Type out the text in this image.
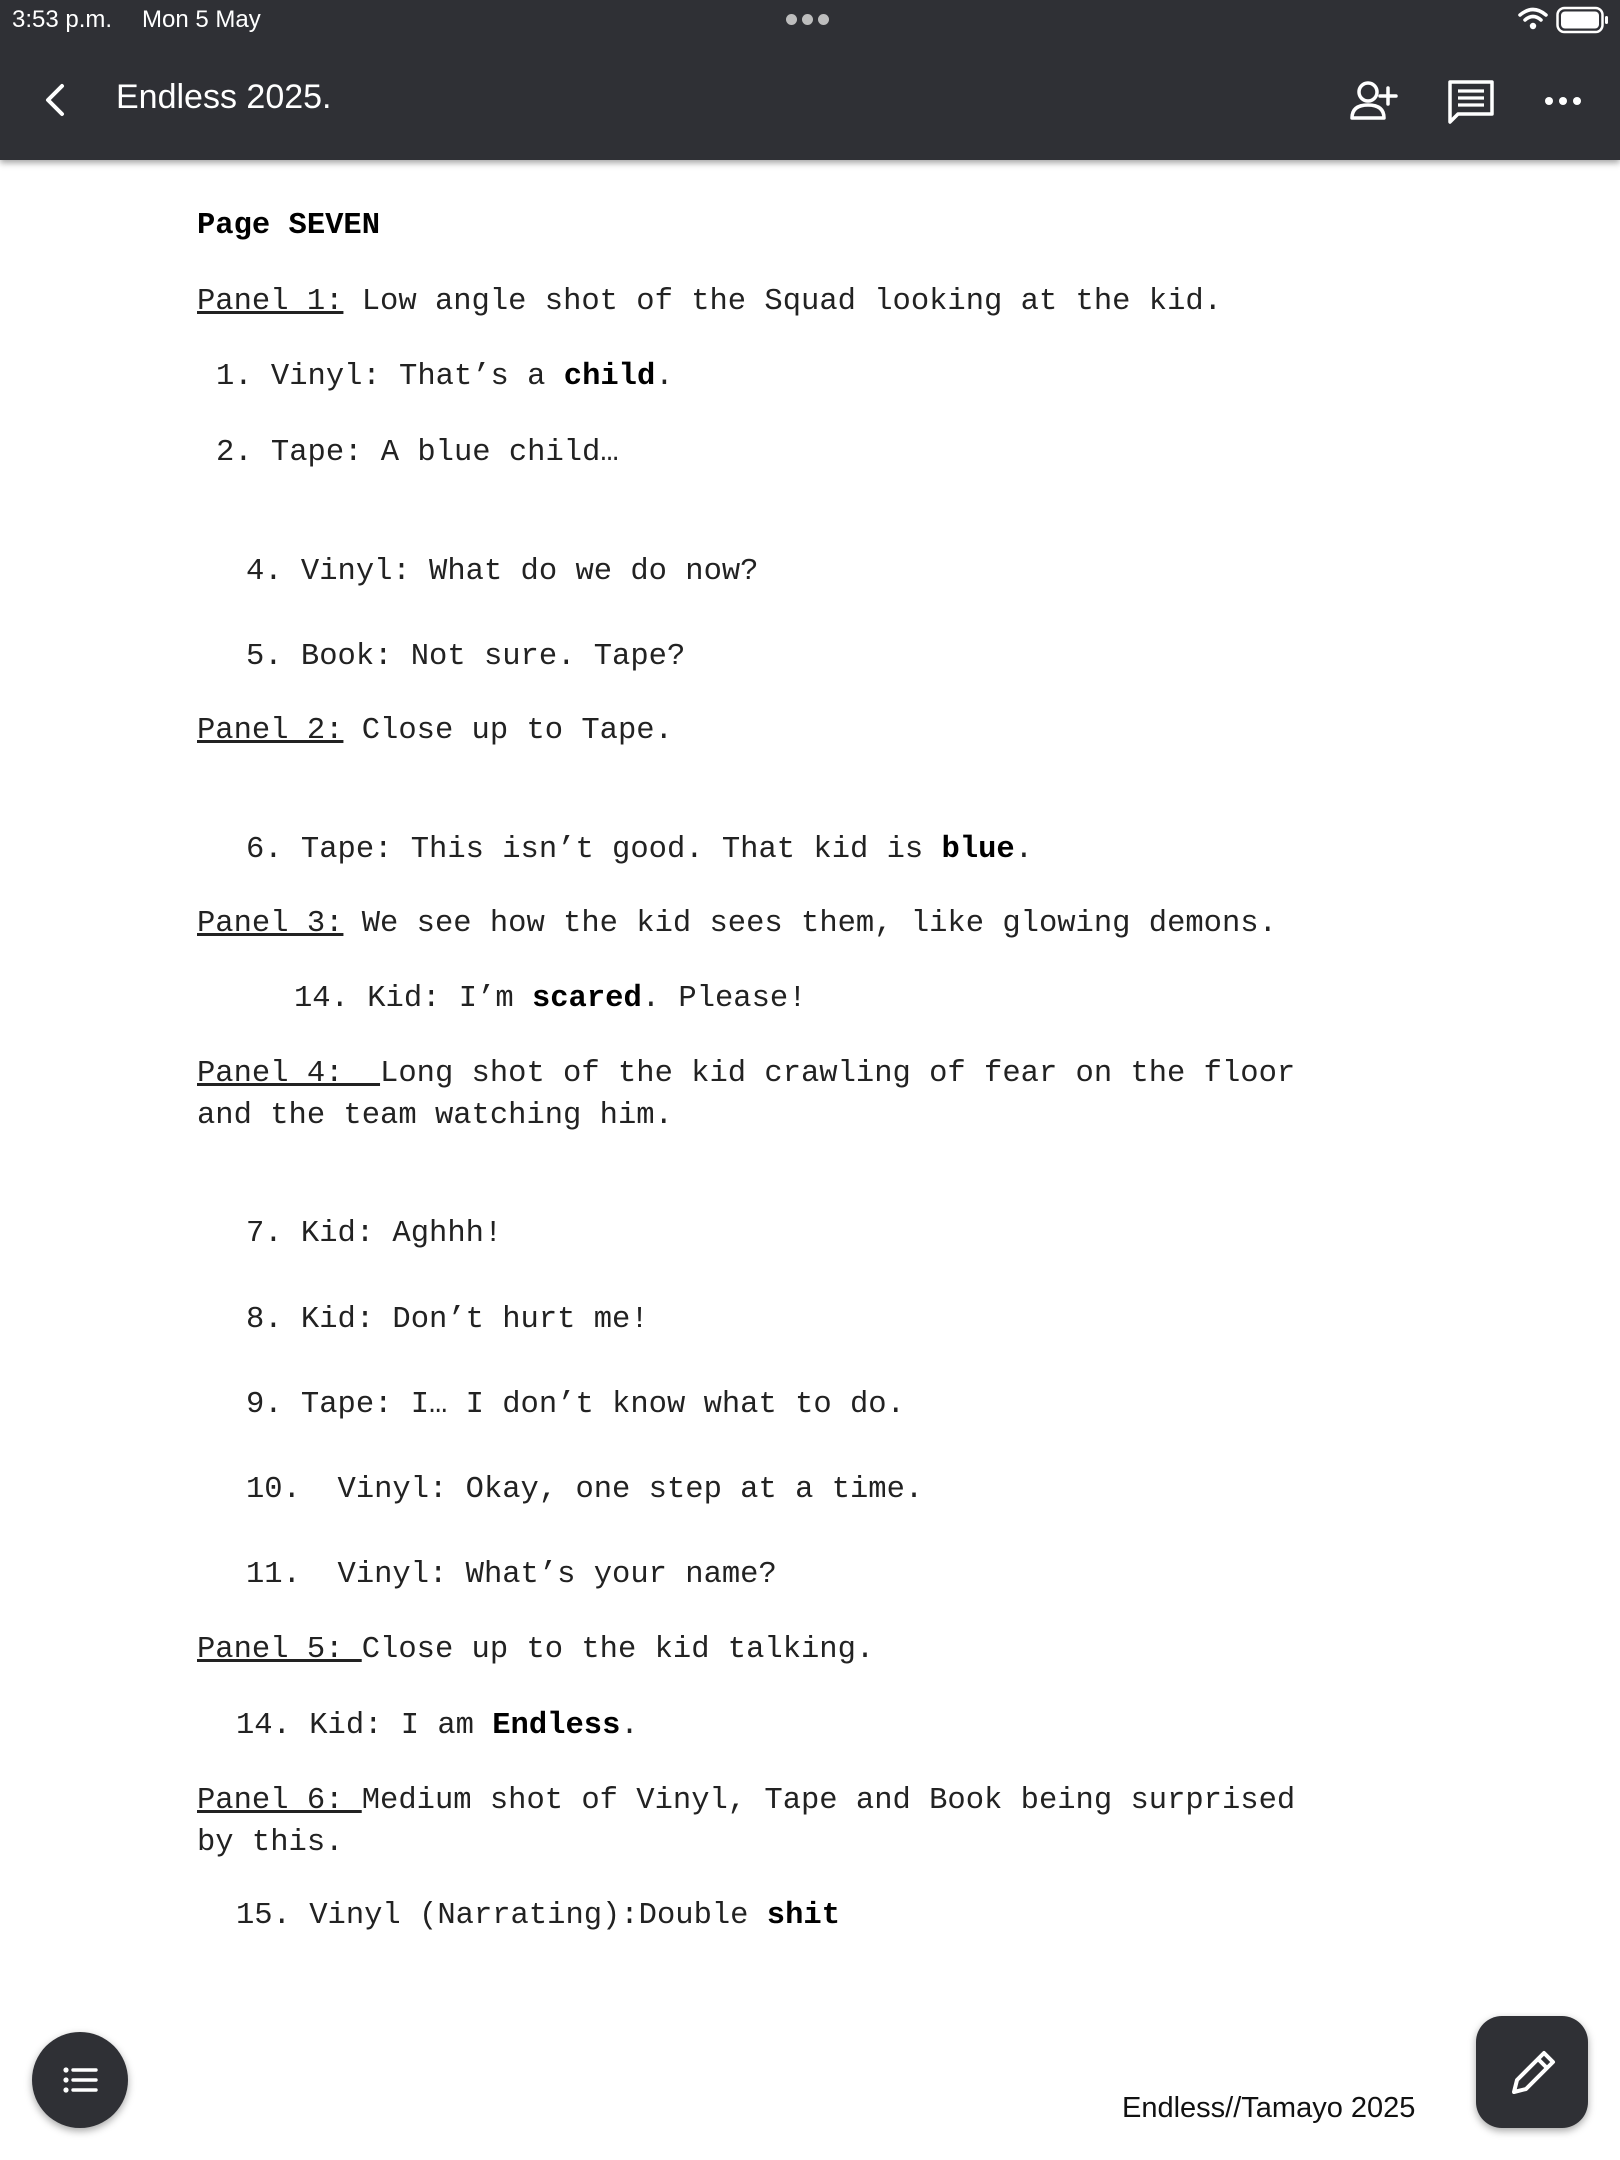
3:53 p.m. Mon 5 May
Endless 2025.
Page SEVEN
Panel 1: Low angle shot of the Squad looking at the kid.
1. Vinyl: That’s a child.
2. Tape: A blue child…
4. Vinyl: What do we do now?
5. Book: Not sure. Tape?
Panel 2: Close up to Tape.
6. Tape: This isn’t good. That kid is blue.
Panel 3: We see how the kid sees them, like glowing demons.
14. Kid: I’m scared. Please!
Panel 4:  Long shot of the kid crawling of fear on the floor
and the team watching him.
7. Kid: Aghhh!
8. Kid: Don’t hurt me!
9. Tape: I… I don’t know what to do.
10.  Vinyl: Okay, one step at a time.
11.  Vinyl: What’s your name?
Panel 5: Close up to the kid talking.
14. Kid: I am Endless.
Panel 6: Medium shot of Vinyl, Tape and Book being surprised
by this.
15. Vinyl (Narrating):Double shit
Endless//Tamayo 2025
